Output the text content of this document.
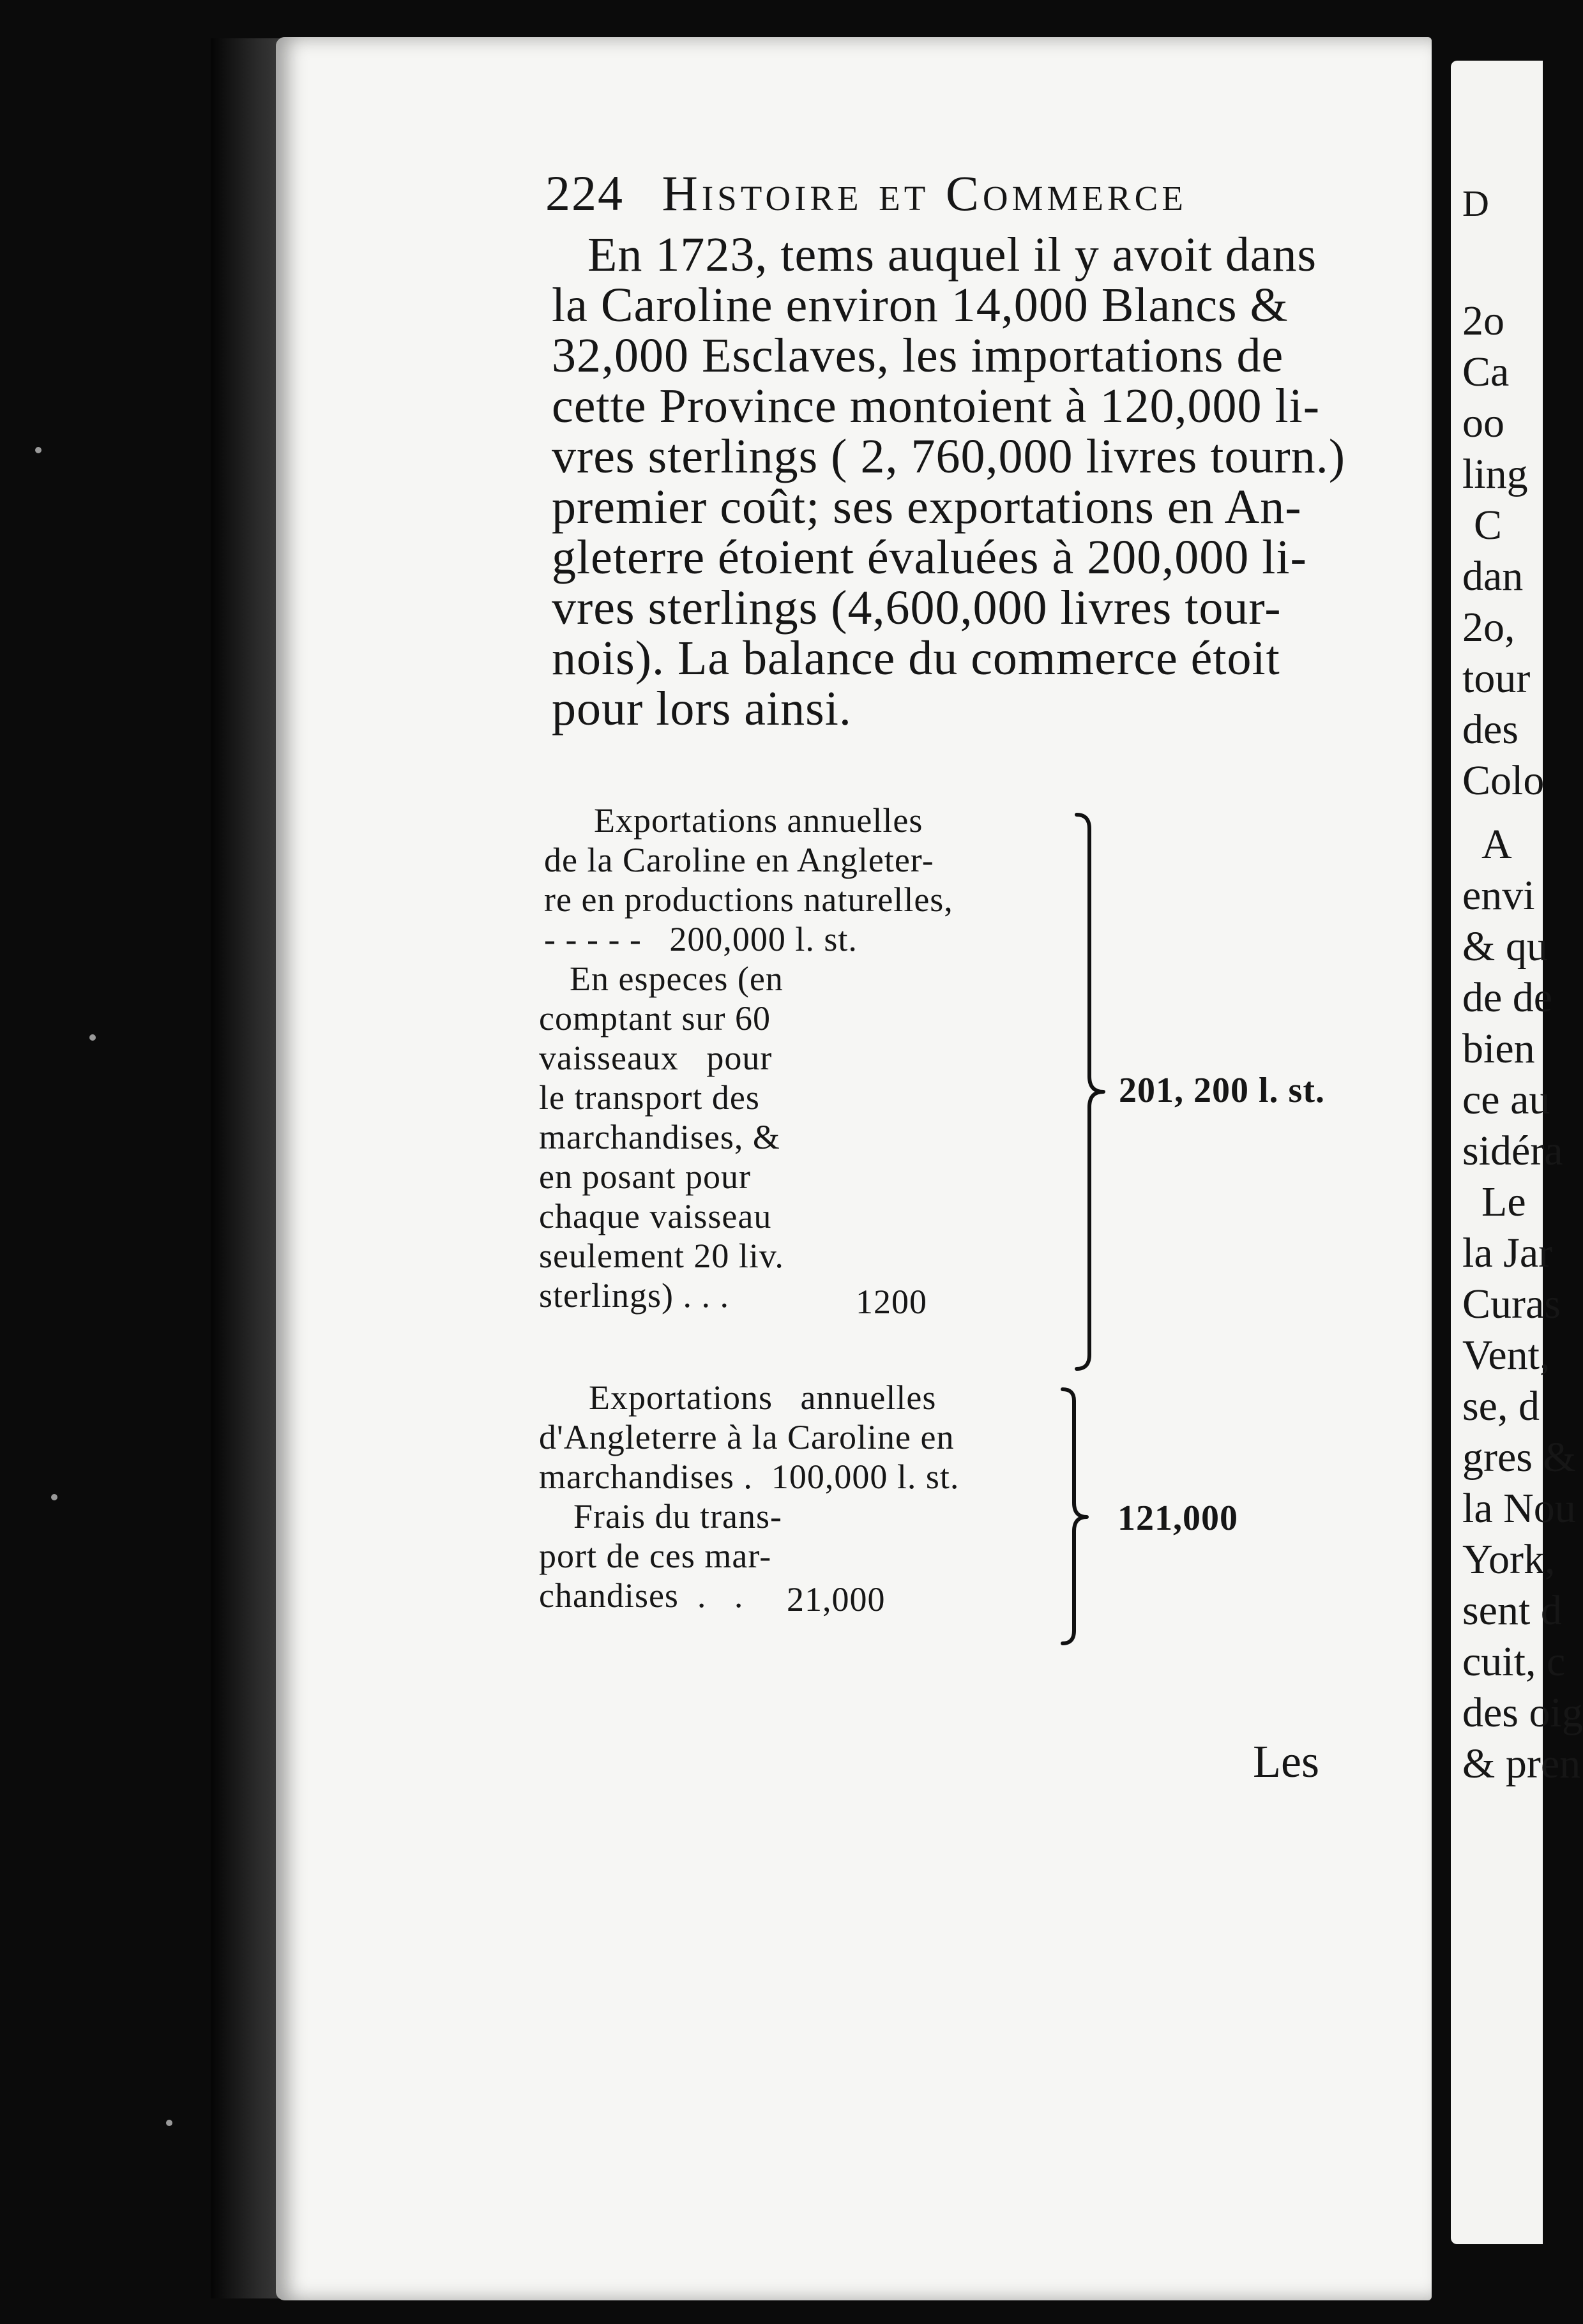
224 Histoire et Commerce
En 1723, tems auquel il y avoit dans
la Caroline environ 14,000 Blancs &
32,000 Esclaves, les importations de
cette Province montoient à 120,000 li-
vres sterlings ( 2, 760,000 livres tourn.)
premier coût; ses exportations en An-
gleterre étoient évaluées à 200,000 li-
vres sterlings (4,600,000 livres tour-
nois). La balance du commerce étoit
pour lors ainsi.
Exportations annuelles
de la Caroline en Angleter-
re en productions naturelles,
- - - - -   200,000 l. st.
En especes (en
comptant sur 60
vaisseaux   pour
le transport des
marchandises, &
en posant pour
chaque vaisseau
seulement 20 liv.
sterlings) . . .	1200
201, 200 l. st.
Exportations   annuelles
d'Angleterre à la Caroline en
marchandises .  100,000 l. st.
Frais du trans-
port de ces mar-
chandises  .   . 21,000
121,000
Les
D
2o
Ca
oo
ling
C
dan
2o,
tour
des
Colo
A
envi
& qu
de de
bien
ce au
sidéra
Le
la Jar
Curas
Vent,
se, d
gres &
la Nou
York,
sent d
cuit, c
des oig
& pren
